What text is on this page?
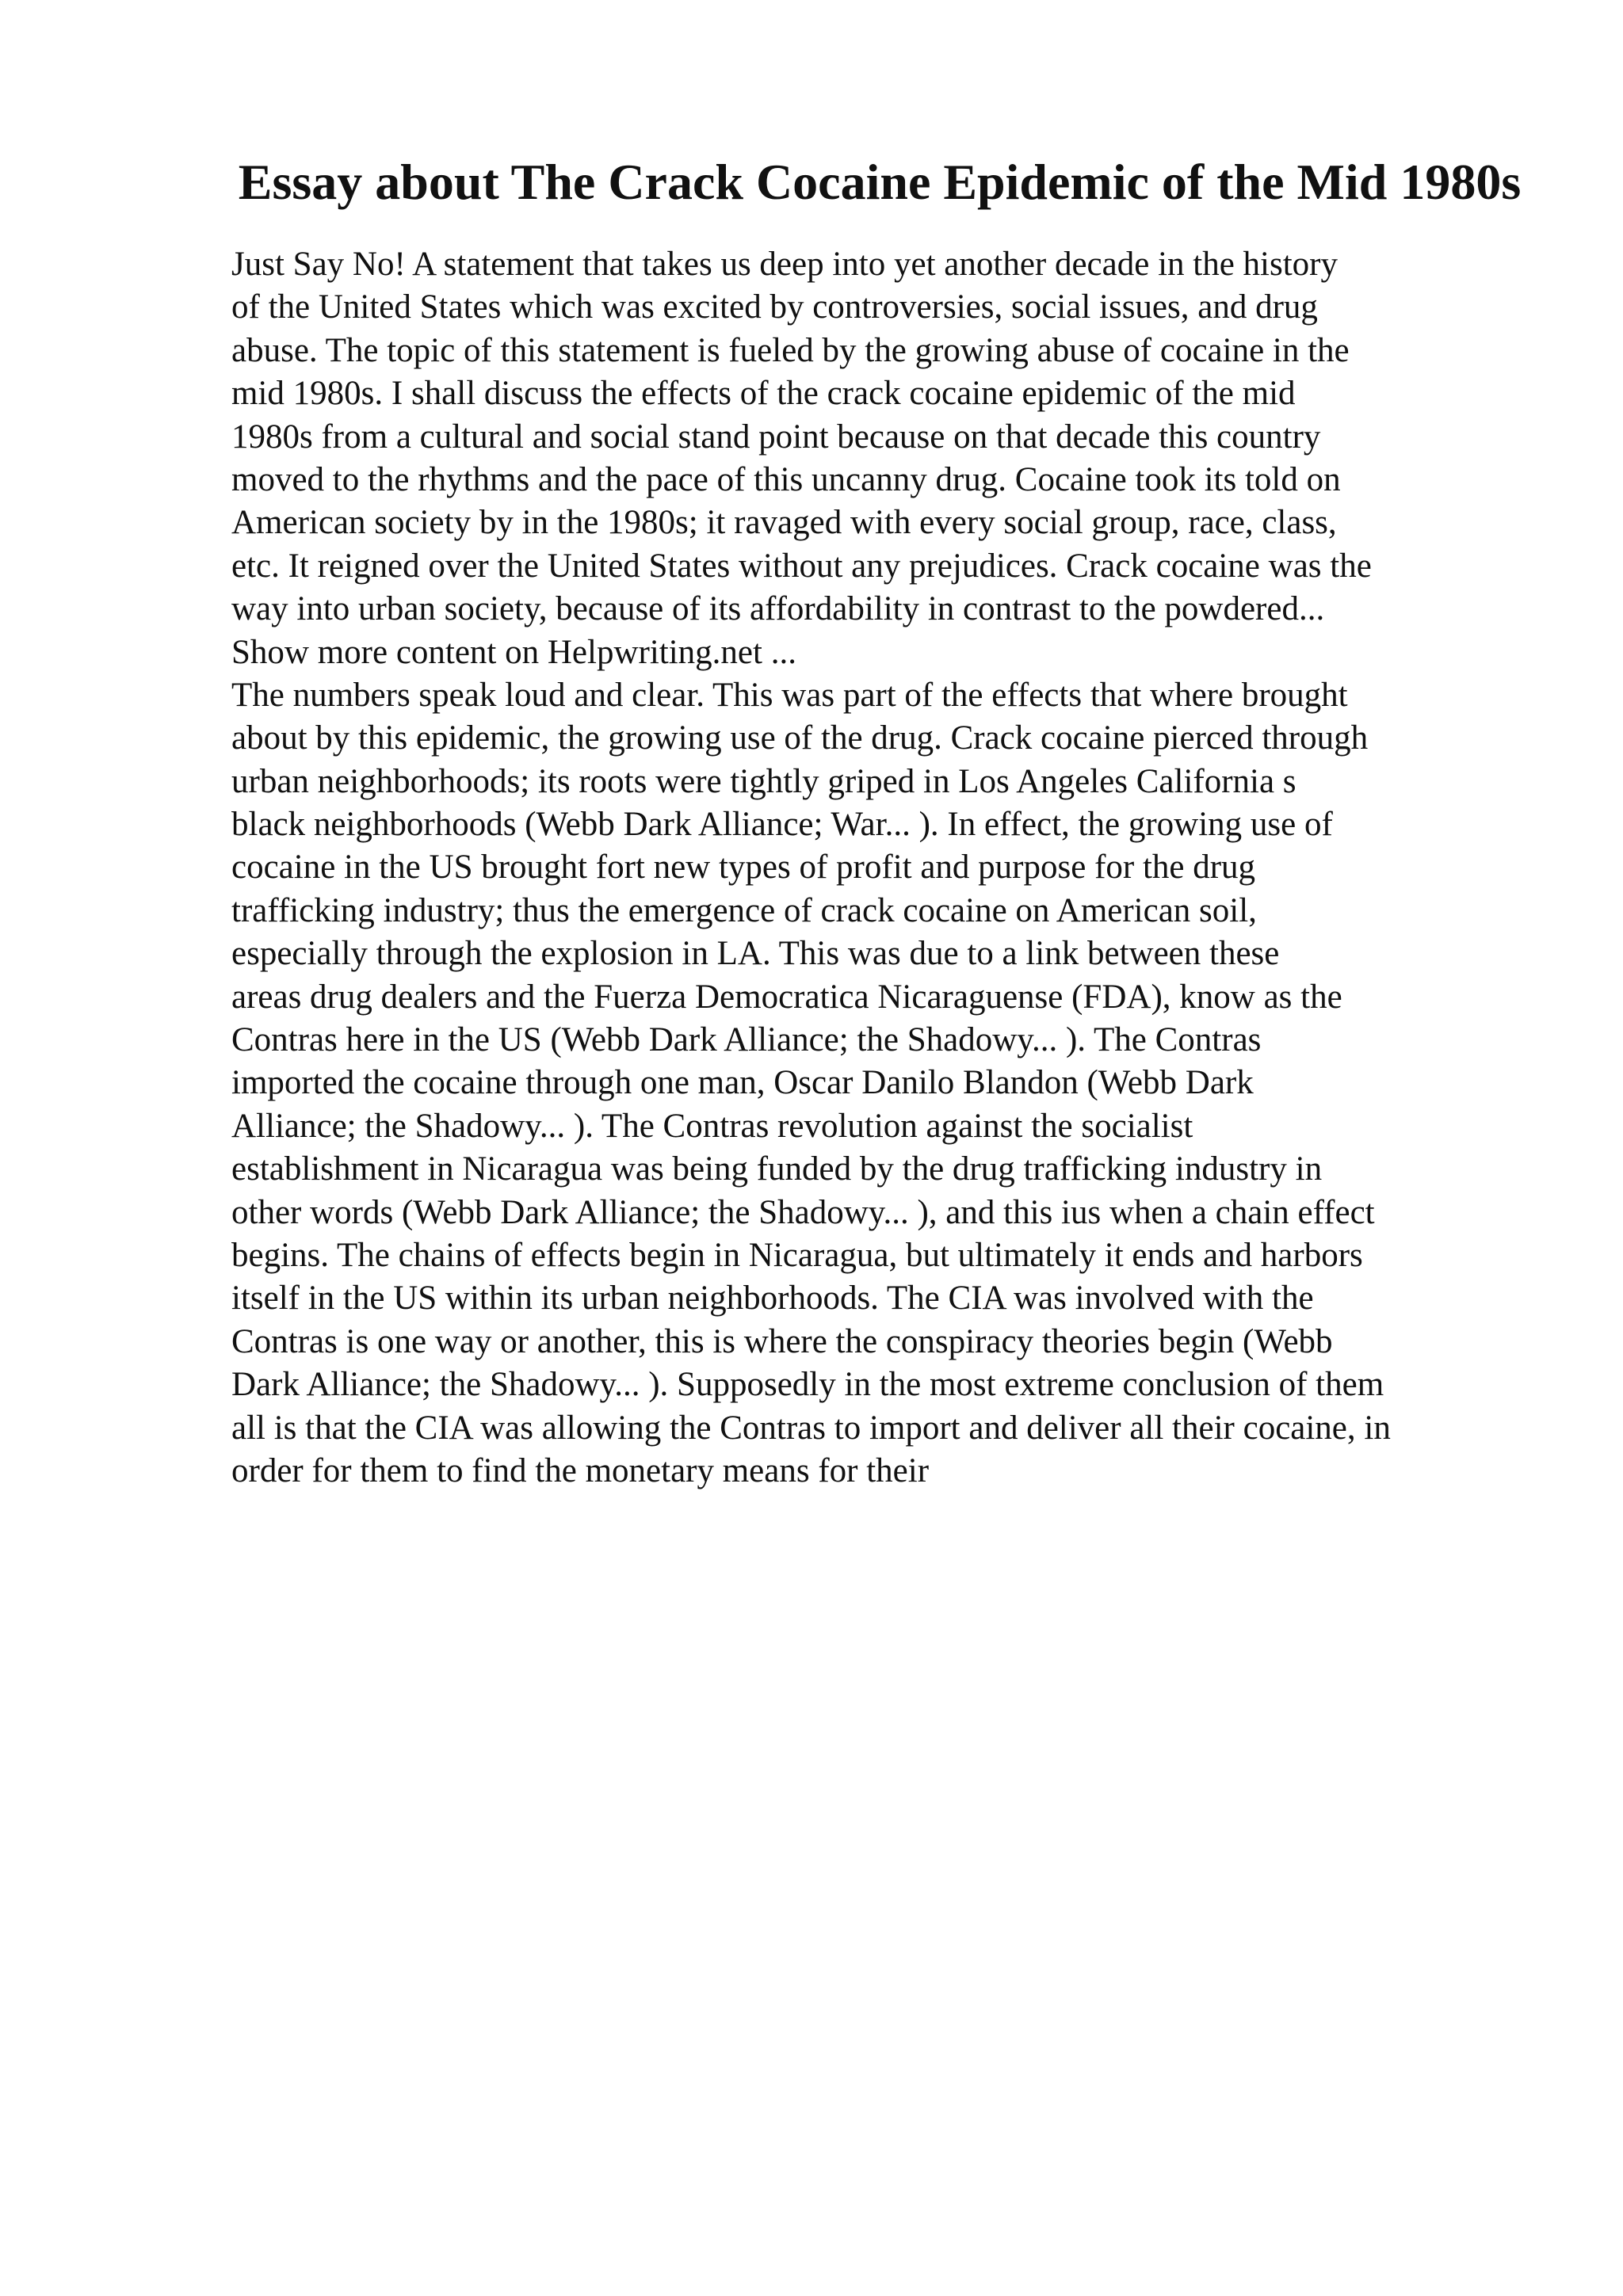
Essay about The Crack Cocaine Epidemic of the Mid 1980s
Just Say No! A statement that takes us deep into yet another decade in the history
of the United States which was excited by controversies, social issues, and drug
abuse. The topic of this statement is fueled by the growing abuse of cocaine in the
mid 1980s. I shall discuss the effects of the crack cocaine epidemic of the mid
1980s from a cultural and social stand point because on that decade this country
moved to the rhythms and the pace of this uncanny drug. Cocaine took its told on
American society by in the 1980s; it ravaged with every social group, race, class,
etc. It reigned over the United States without any prejudices. Crack cocaine was the
way into urban society, because of its affordability in contrast to the powdered...
Show more content on Helpwriting.net ...
The numbers speak loud and clear. This was part of the effects that where brought
about by this epidemic, the growing use of the drug. Crack cocaine pierced through
urban neighborhoods; its roots were tightly griped in Los Angeles California s
black neighborhoods (Webb Dark Alliance; War... ). In effect, the growing use of
cocaine in the US brought fort new types of profit and purpose for the drug
trafficking industry; thus the emergence of crack cocaine on American soil,
especially through the explosion in LA. This was due to a link between these
areas drug dealers and the Fuerza Democratica Nicaraguense (FDA), know as the
Contras here in the US (Webb Dark Alliance; the Shadowy... ). The Contras
imported the cocaine through one man, Oscar Danilo Blandon (Webb Dark
Alliance; the Shadowy... ). The Contras revolution against the socialist
establishment in Nicaragua was being funded by the drug trafficking industry in
other words (Webb Dark Alliance; the Shadowy... ), and this ius when a chain effect
begins. The chains of effects begin in Nicaragua, but ultimately it ends and harbors
itself in the US within its urban neighborhoods. The CIA was involved with the
Contras is one way or another, this is where the conspiracy theories begin (Webb
Dark Alliance; the Shadowy... ). Supposedly in the most extreme conclusion of them
all is that the CIA was allowing the Contras to import and deliver all their cocaine, in
order for them to find the monetary means for their
